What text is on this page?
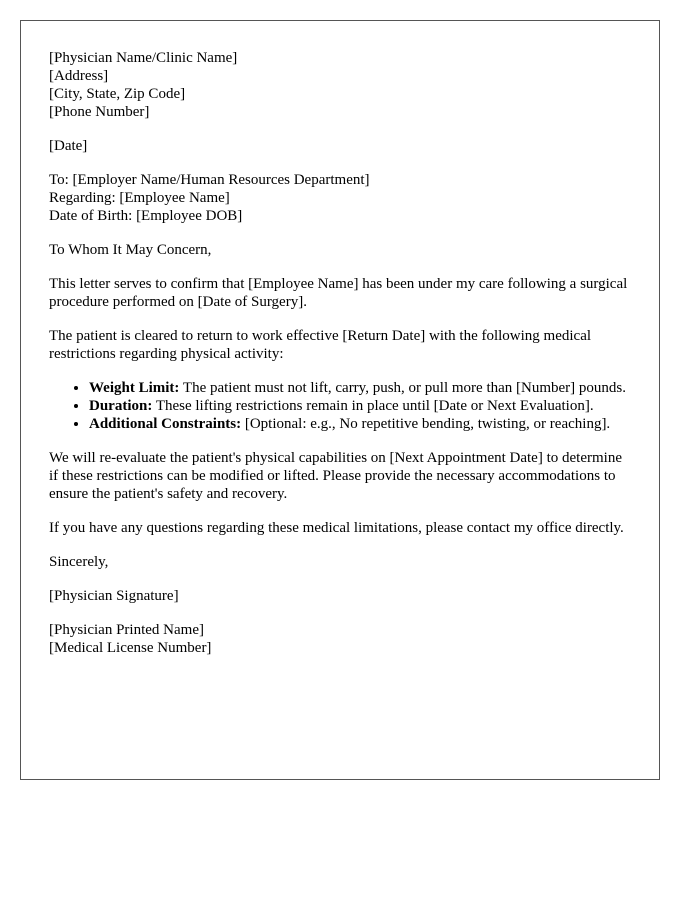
[Physician Name/Clinic Name]
[Address]
[City, State, Zip Code]
[Phone Number]

[Date]

To: [Employer Name/Human Resources Department]
Regarding: [Employee Name]
Date of Birth: [Employee DOB]

To Whom It May Concern,

This letter serves to confirm that [Employee Name] has been under my care following a surgical procedure performed on [Date of Surgery].

The patient is cleared to return to work effective [Return Date] with the following medical restrictions regarding physical activity:

• Weight Limit: The patient must not lift, carry, push, or pull more than [Number] pounds.
• Duration: These lifting restrictions remain in place until [Date or Next Evaluation].
• Additional Constraints: [Optional: e.g., No repetitive bending, twisting, or reaching].

We will re-evaluate the patient's physical capabilities on [Next Appointment Date] to determine if these restrictions can be modified or lifted. Please provide the necessary accommodations to ensure the patient's safety and recovery.

If you have any questions regarding these medical limitations, please contact my office directly.

Sincerely,

[Physician Signature]

[Physician Printed Name]
[Medical License Number]
